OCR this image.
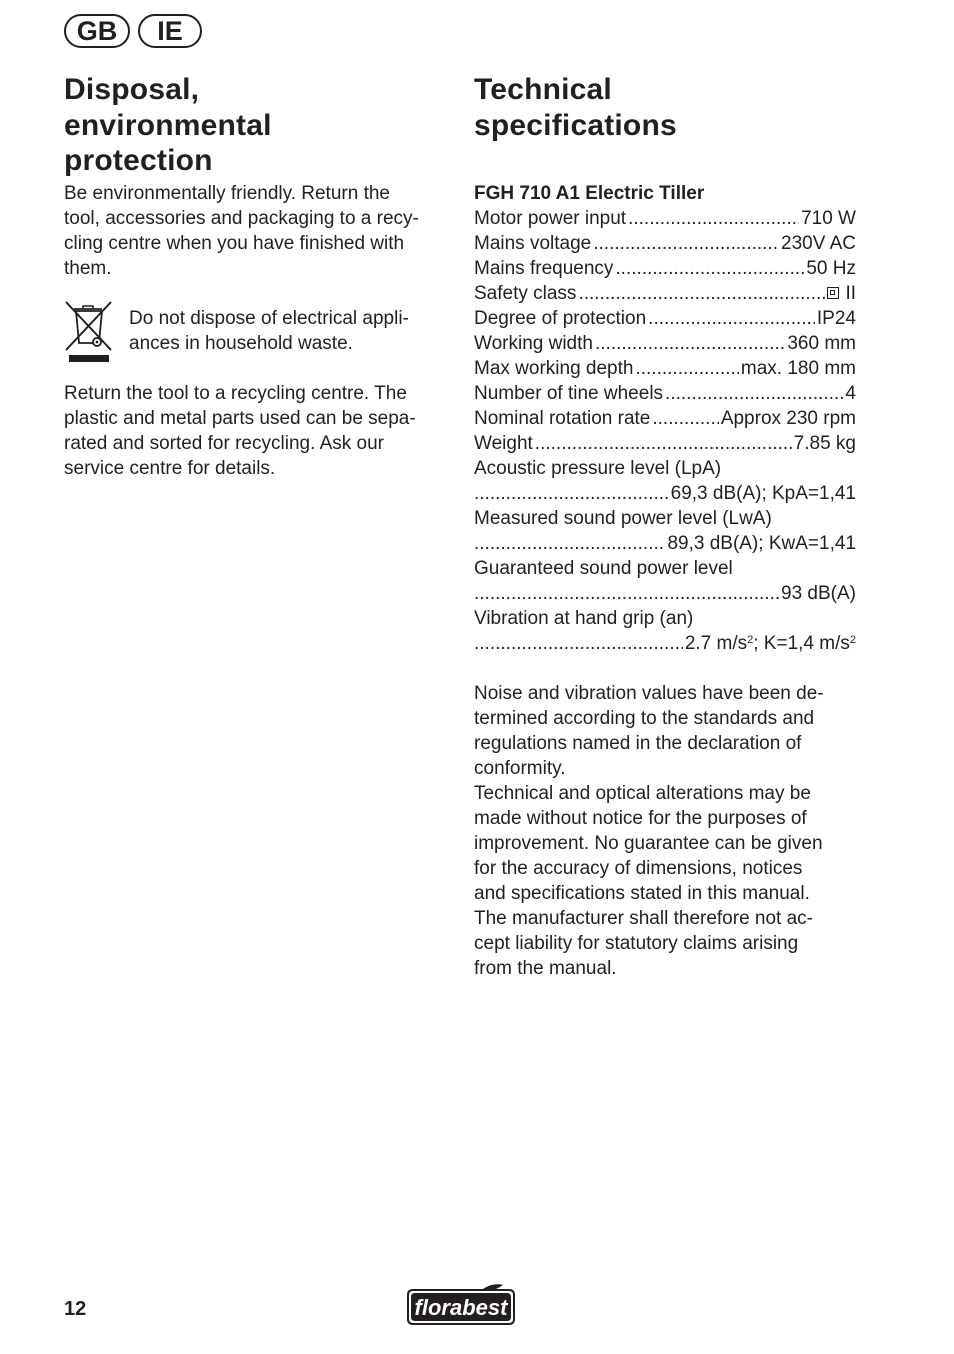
GB	IE
Disposal,
environmental
protection

Be environmentally friendly. Return the
tool, accessories and packaging to a recy-
cling centre when you have finished with
them.

Do not dispose of electrical appli-
ances in household waste.

Return the tool to a recycling centre. The
plastic and metal parts used can be sepa-
rated and sorted for recycling. Ask our
service centre for details.

Technical
specifications
FGH 710 A1 Electric Tiller
Motor power input .....	710 W
Mains voltage .....	230V AC
Mains frequency .....	50 Hz
Safety class .....	II
Degree of protection .....	IP24
Working width .....	360 mm
Max working depth .....	max. 180 mm
Number of tine wheels .....	4
Nominal rotation rate .....	Approx 230 rpm
Weight .....	7.85 kg
Acoustic pressure level (LpA)
.....
69,3 dB(A); KpA=1,41
Measured sound power level (LwA)
.....
89,3 dB(A); KwA=1,41
Guaranteed sound power level
.....
93 dB(A)
Vibration at hand grip (an)
.....
2.7 $m/s^2$; K=1,4 $m/s^2$

Noise and vibration values have been de-
termined according to the standards and
regulations named in the declaration of
conformity.

Technical and optical alterations may be
made without notice for the purposes of
improvement. No guarantee can be given
for the accuracy of dimensions, notices
and specifications stated in this manual.
The manufacturer shall therefore not ac-
cept liability for statutory claims arising
from the manual.

12	florabest
